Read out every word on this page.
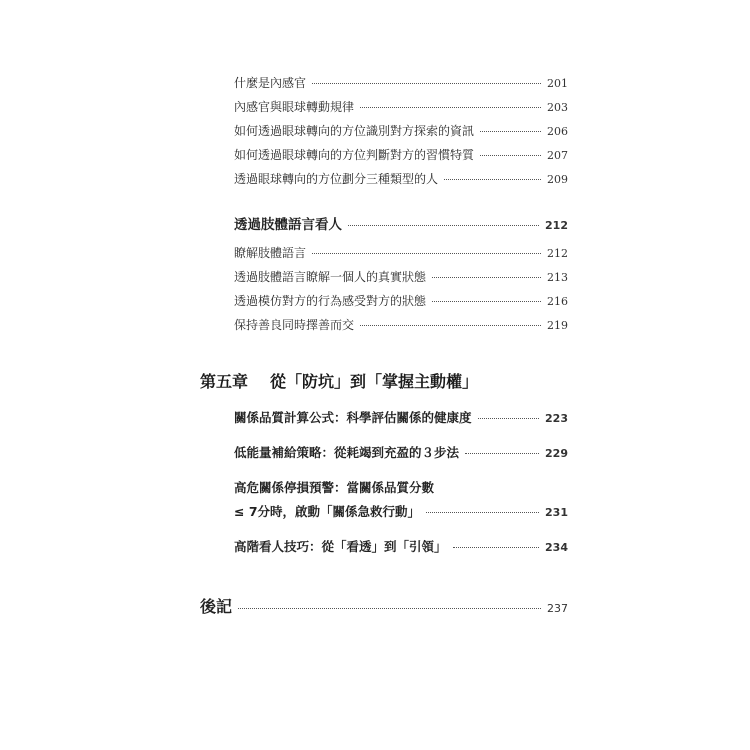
什麼是內感官	201
內感官與眼球轉動規律	203
如何透過眼球轉向的方位識別對方探索的資訊	206
如何透過眼球轉向的方位判斷對方的習慣特質	207
透過眼球轉向的方位劃分三種類型的人	209
透過肢體語言看人	212
瞭解肢體語言	212
透過肢體語言瞭解一個人的真實狀態	213
透過模仿對方的行為感受對方的狀態	216
保持善良同時擇善而交	219
第五章 從「防坑」到「掌握主動權」
關係品質計算公式：科學評估關係的健康度	223
低能量補給策略：從耗竭到充盈的３步法	229
高危關係停損預警：當關係品質分數
≤ 7分時，啟動「關係急救行動」	231
高階看人技巧：從「看透」到「引領」	234
後記	237
